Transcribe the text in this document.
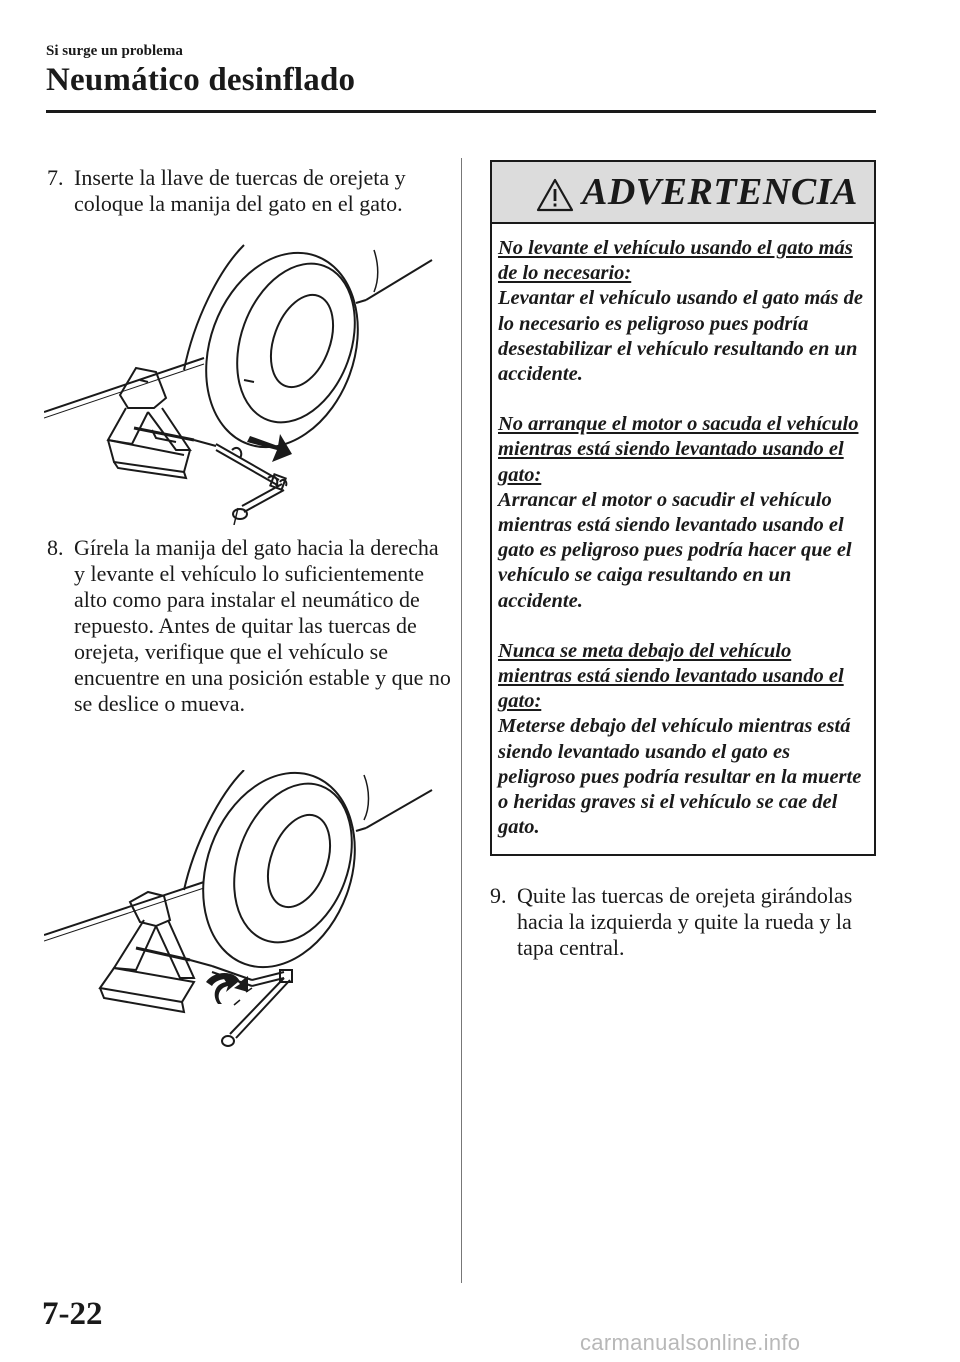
Si surge un problema
Neumático desinflado
7. Inserte la llave de tuercas de orejeta y coloque la manija del gato en el gato.
8. Gírela la manija del gato hacia la derecha y levante el vehículo lo suficientemente alto como para instalar el neumático de repuesto. Antes de quitar las tuercas de orejeta, verifique que el vehículo se encuentre en una posición estable y que no se deslice o mueva.
ADVERTENCIA

No levante el vehículo usando el gato más de lo necesario:
Levantar el vehículo usando el gato más de lo necesario es peligroso pues podría desestabilizar el vehículo resultando en un accidente.

No arranque el motor o sacuda el vehículo mientras está siendo levantado usando el gato:
Arrancar el motor o sacudir el vehículo mientras está siendo levantado usando el gato es peligroso pues podría hacer que el vehículo se caiga resultando en un accidente.

Nunca se meta debajo del vehículo mientras está siendo levantado usando el gato:
Meterse debajo del vehículo mientras está siendo levantado usando el gato es peligroso pues podría resultar en la muerte o heridas graves si el vehículo se cae del gato.

9. Quite las tuercas de orejeta girándolas hacia la izquierda y quite la rueda y la tapa central.
7-22
carmanualsonline.info
